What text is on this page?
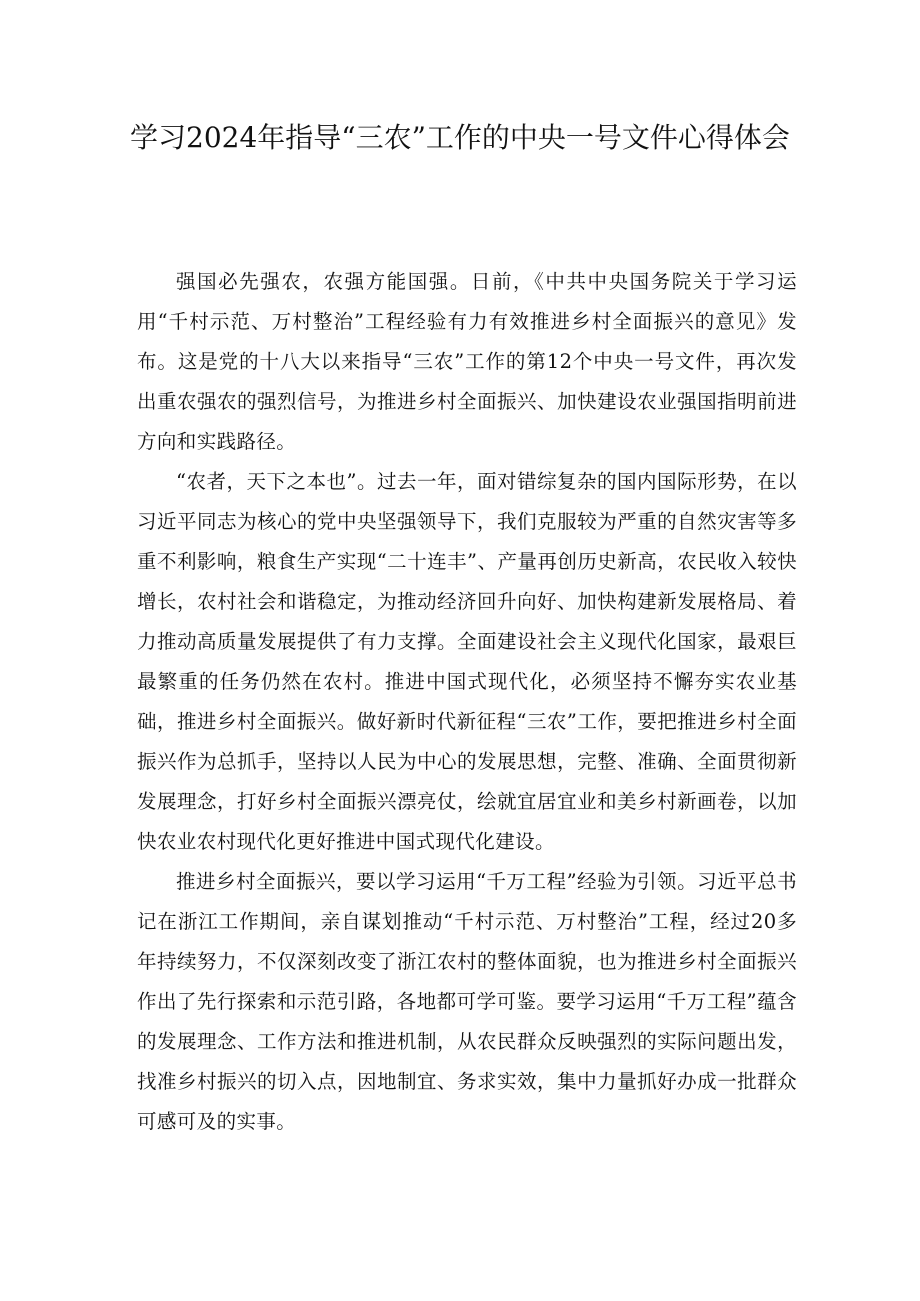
学习2024年指导“三农”工作的中央一号文件心得体会

强国必先强农，农强方能国强。日前，《中共中央国务院关于学习运用“千村示范、万村整治”工程经验有力有效推进乡村全面振兴的意见》发布。这是党的十八大以来指导“三农”工作的第12个中央一号文件，再次发出重农强农的强烈信号，为推进乡村全面振兴、加快建设农业强国指明前进方向和实践路径。

“农者，天下之本也”。过去一年，面对错综复杂的国内国际形势，在以习近平同志为核心的党中央坚强领导下，我们克服较为严重的自然灾害等多重不利影响，粮食生产实现“二十连丰”、产量再创历史新高，农民收入较快增长，农村社会和谐稳定，为推动经济回升向好、加快构建新发展格局、着力推动高质量发展提供了有力支撑。全面建设社会主义现代化国家，最艰巨最繁重的任务仍然在农村。推进中国式现代化，必须坚持不懈夯实农业基础，推进乡村全面振兴。做好新时代新征程“三农”工作，要把推进乡村全面振兴作为总抓手，坚持以人民为中心的发展思想，完整、准确、全面贯彻新发展理念，打好乡村全面振兴漂亮仗，绘就宜居宜业和美乡村新画卷，以加快农业农村现代化更好推进中国式现代化建设。

推进乡村全面振兴，要以学习运用“千万工程”经验为引领。习近平总书记在浙江工作期间，亲自谋划推动“千村示范、万村整治”工程，经过20多年持续努力，不仅深刻改变了浙江农村的整体面貌，也为推进乡村全面振兴作出了先行探索和示范引路，各地都可学可鉴。要学习运用“千万工程”蕴含的发展理念、工作方法和推进机制，从农民群众反映强烈的实际问题出发，找准乡村振兴的切入点，因地制宜、务求实效，集中力量抓好办成一批群众可感可及的实事。
